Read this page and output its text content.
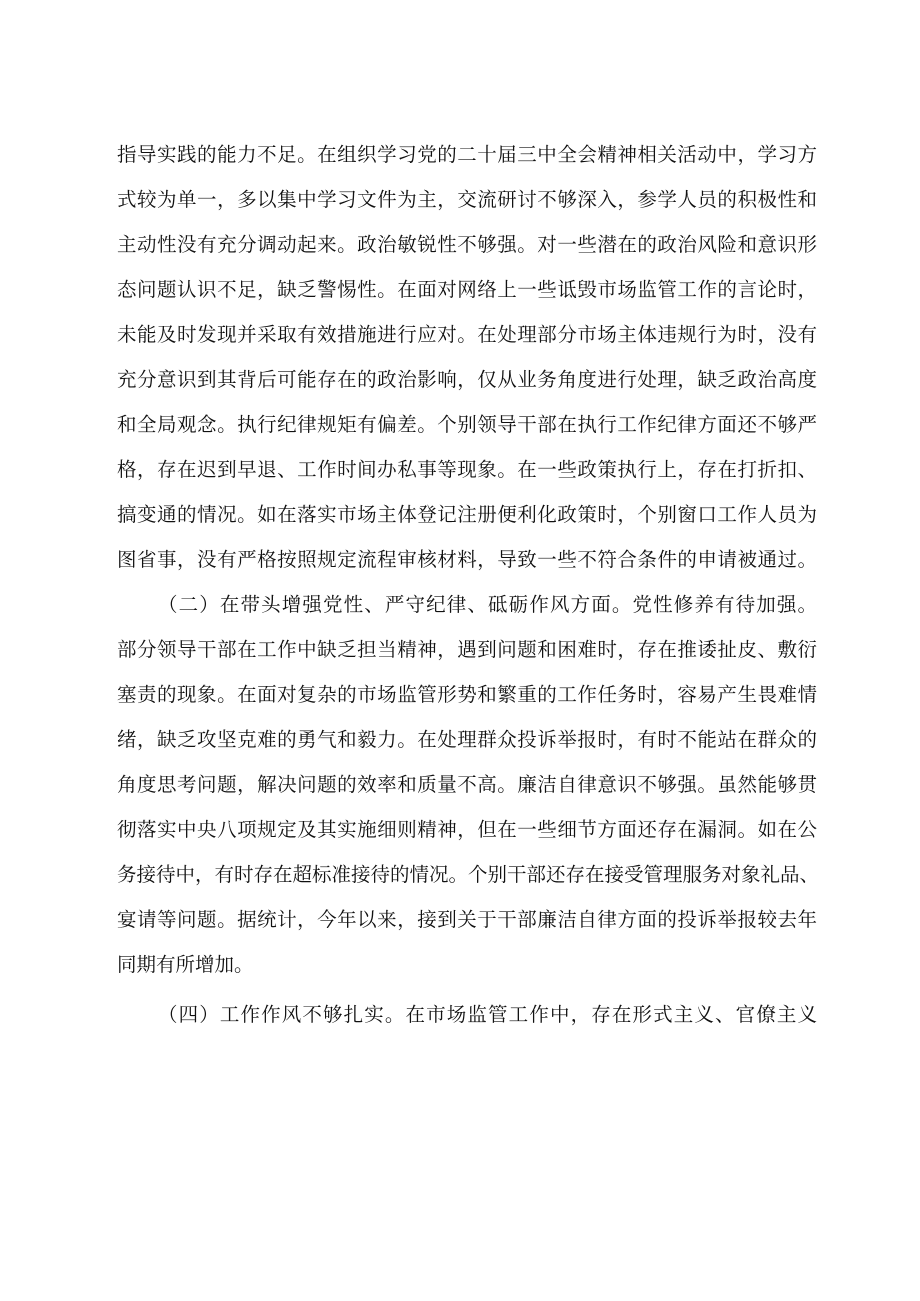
指导实践的能力不足。在组织学习党的二十届三中全会精神相关活动中，学习方
式较为单一，多以集中学习文件为主，交流研讨不够深入，参学人员的积极性和
主动性没有充分调动起来。政治敏锐性不够强。对一些潜在的政治风险和意识形
态问题认识不足，缺乏警惕性。在面对网络上一些诋毁市场监管工作的言论时，
未能及时发现并采取有效措施进行应对。在处理部分市场主体违规行为时，没有
充分意识到其背后可能存在的政治影响，仅从业务角度进行处理，缺乏政治高度
和全局观念。执行纪律规矩有偏差。个别领导干部在执行工作纪律方面还不够严
格，存在迟到早退、工作时间办私事等现象。在一些政策执行上，存在打折扣、
搞变通的情况。如在落实市场主体登记注册便利化政策时，个别窗口工作人员为
图省事，没有严格按照规定流程审核材料，导致一些不符合条件的申请被通过。
（二）在带头增强党性、严守纪律、砥砺作风方面。党性修养有待加强。
部分领导干部在工作中缺乏担当精神，遇到问题和困难时，存在推诿扯皮、敷衍
塞责的现象。在面对复杂的市场监管形势和繁重的工作任务时，容易产生畏难情
绪，缺乏攻坚克难的勇气和毅力。在处理群众投诉举报时，有时不能站在群众的
角度思考问题，解决问题的效率和质量不高。廉洁自律意识不够强。虽然能够贯
彻落实中央八项规定及其实施细则精神，但在一些细节方面还存在漏洞。如在公
务接待中，有时存在超标准接待的情况。个别干部还存在接受管理服务对象礼品、
宴请等问题。据统计，今年以来，接到关于干部廉洁自律方面的投诉举报较去年
同期有所增加。
（四）工作作风不够扎实。在市场监管工作中，存在形式主义、官僚主义
